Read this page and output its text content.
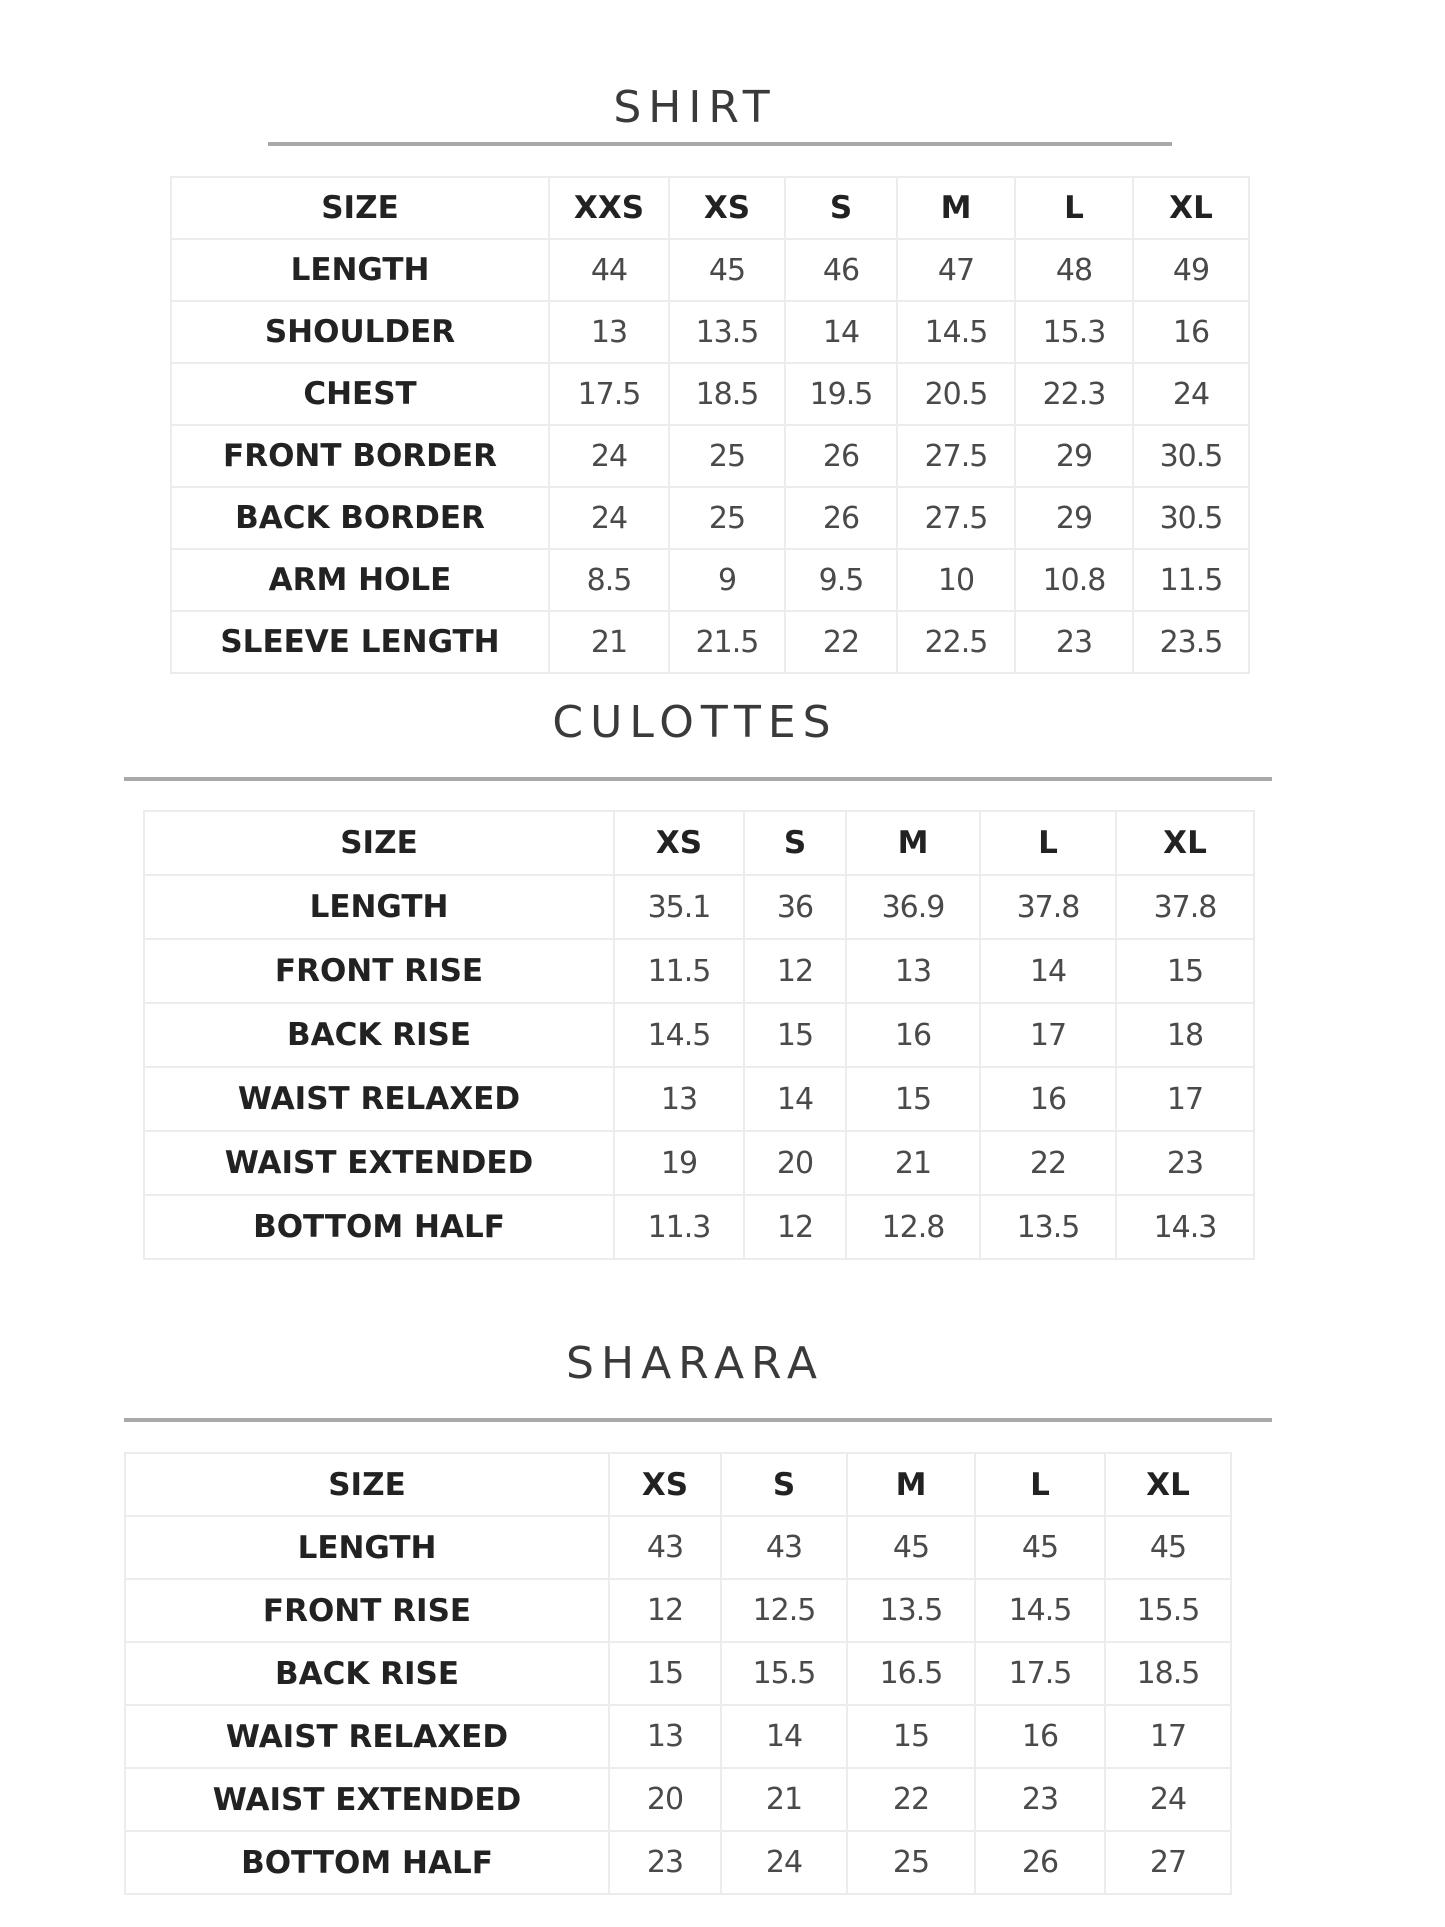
SHIRT
SIZE	XXS	XS	S	M	L	XL
LENGTH	44	45	46	47	48	49
SHOULDER	13	13.5	14	14.5	15.3	16
CHEST	17.5	18.5	19.5	20.5	22.3	24
FRONT BORDER	24	25	26	27.5	29	30.5
BACK BORDER	24	25	26	27.5	29	30.5
ARM HOLE	8.5	9	9.5	10	10.8	11.5
SLEEVE LENGTH	21	21.5	22	22.5	23	23.5
CULOTTES
SIZE	XS	S	M	L	XL
LENGTH	35.1	36	36.9	37.8	37.8
FRONT RISE	11.5	12	13	14	15
BACK RISE	14.5	15	16	17	18
WAIST RELAXED	13	14	15	16	17
WAIST EXTENDED	19	20	21	22	23
BOTTOM HALF	11.3	12	12.8	13.5	14.3
SHARARA
SIZE	XS	S	M	L	XL
LENGTH	43	43	45	45	45
FRONT RISE	12	12.5	13.5	14.5	15.5
BACK RISE	15	15.5	16.5	17.5	18.5
WAIST RELAXED	13	14	15	16	17
WAIST EXTENDED	20	21	22	23	24
BOTTOM HALF	23	24	25	26	27
